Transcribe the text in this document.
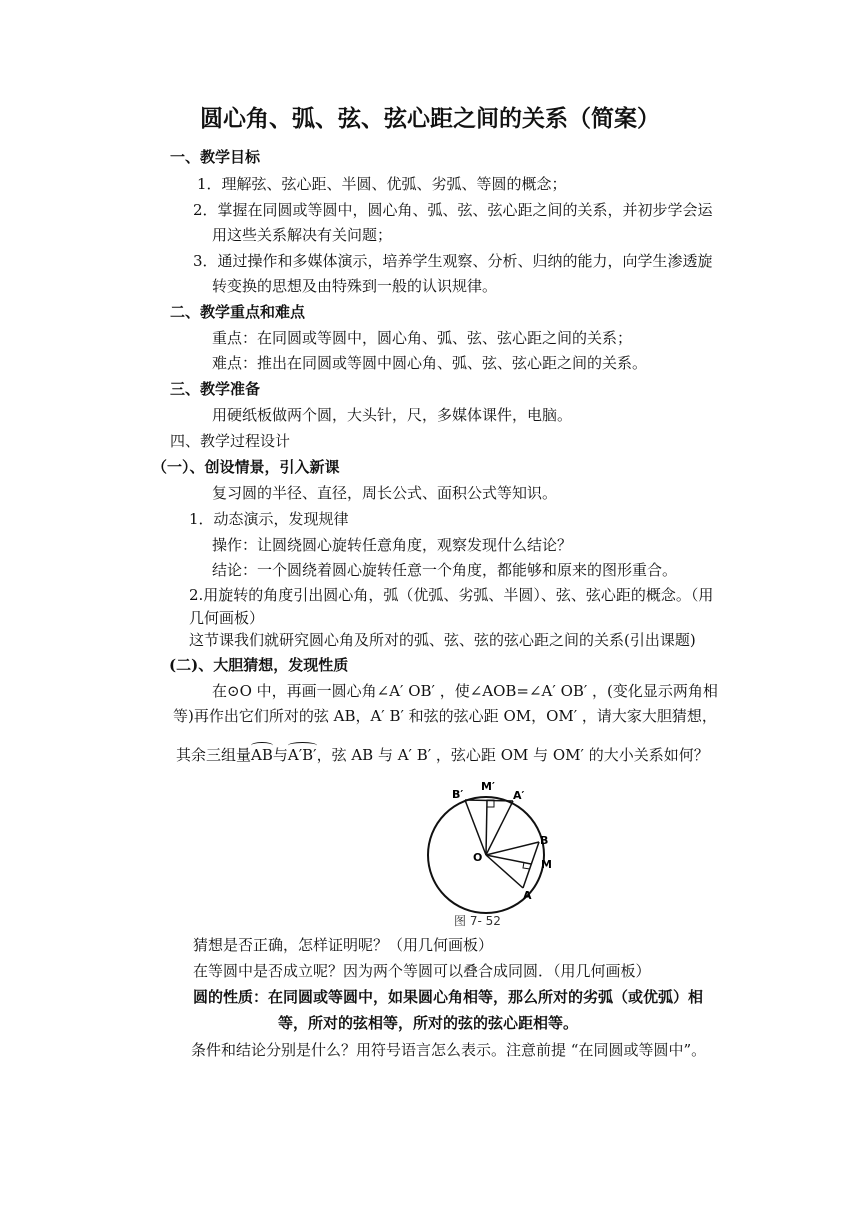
圆心角、弧、弦、弦心距之间的关系（简案）
一、教学目标
1．理解弦、弦心距、半圆、优弧、劣弧、等圆的概念；
2．掌握在同圆或等圆中，圆心角、弧、弦、弦心距之间的关系，并初步学会运
用这些关系解决有关问题；
3．通过操作和多媒体演示，培养学生观察、分析、归纳的能力，向学生渗透旋
转变换的思想及由特殊到一般的认识规律。
二、教学重点和难点
重点：在同圆或等圆中，圆心角、弧、弦、弦心距之间的关系；
难点：推出在同圆或等圆中圆心角、弧、弦、弦心距之间的关系。
三、教学准备
用硬纸板做两个圆，大头针，尺，多媒体课件，电脑。
四、教学过程设计
（一）、创设情景，引入新课
复习圆的半径、直径，周长公式、面积公式等知识。
1．动态演示，发现规律
操作：让圆绕圆心旋转任意角度，观察发现什么结论？
结论：一个圆绕着圆心旋转任意一个角度，都能够和原来的图形重合。
2.用旋转的角度引出圆心角，弧（优弧、劣弧、半圆）、弦、弦心距的概念。（用
几何画板）
这节课我们就研究圆心角及所对的弧、弦、弦的弦心距之间的关系(引出课题)
(二)、大胆猜想，发现性质
在⊙O 中，再画一圆心角∠A′ OB′ ，使∠AOB=∠A′ OB′ ，(变化显示两角相
等)再作出它们所对的弦 AB，A′ B′ 和弦的弦心距 OM，OM′ ，请大家大胆猜想，
其余三组量AB与A′B′，弦 AB 与 A′ B′ ，弦心距 OM 与 OM′ 的大小关系如何？
B′
M′
A′
B
O
M
A
图 7- 52
猜想是否正确，怎样证明呢？（用几何画板）
在等圆中是否成立呢？因为两个等圆可以叠合成同圆．（用几何画板）
圆的性质：在同圆或等圆中，如果圆心角相等，那么所对的劣弧（或优弧）相
等，所对的弦相等，所对的弦的弦心距相等。
条件和结论分别是什么？用符号语言怎么表示。注意前提 “在同圆或等圆中”。
